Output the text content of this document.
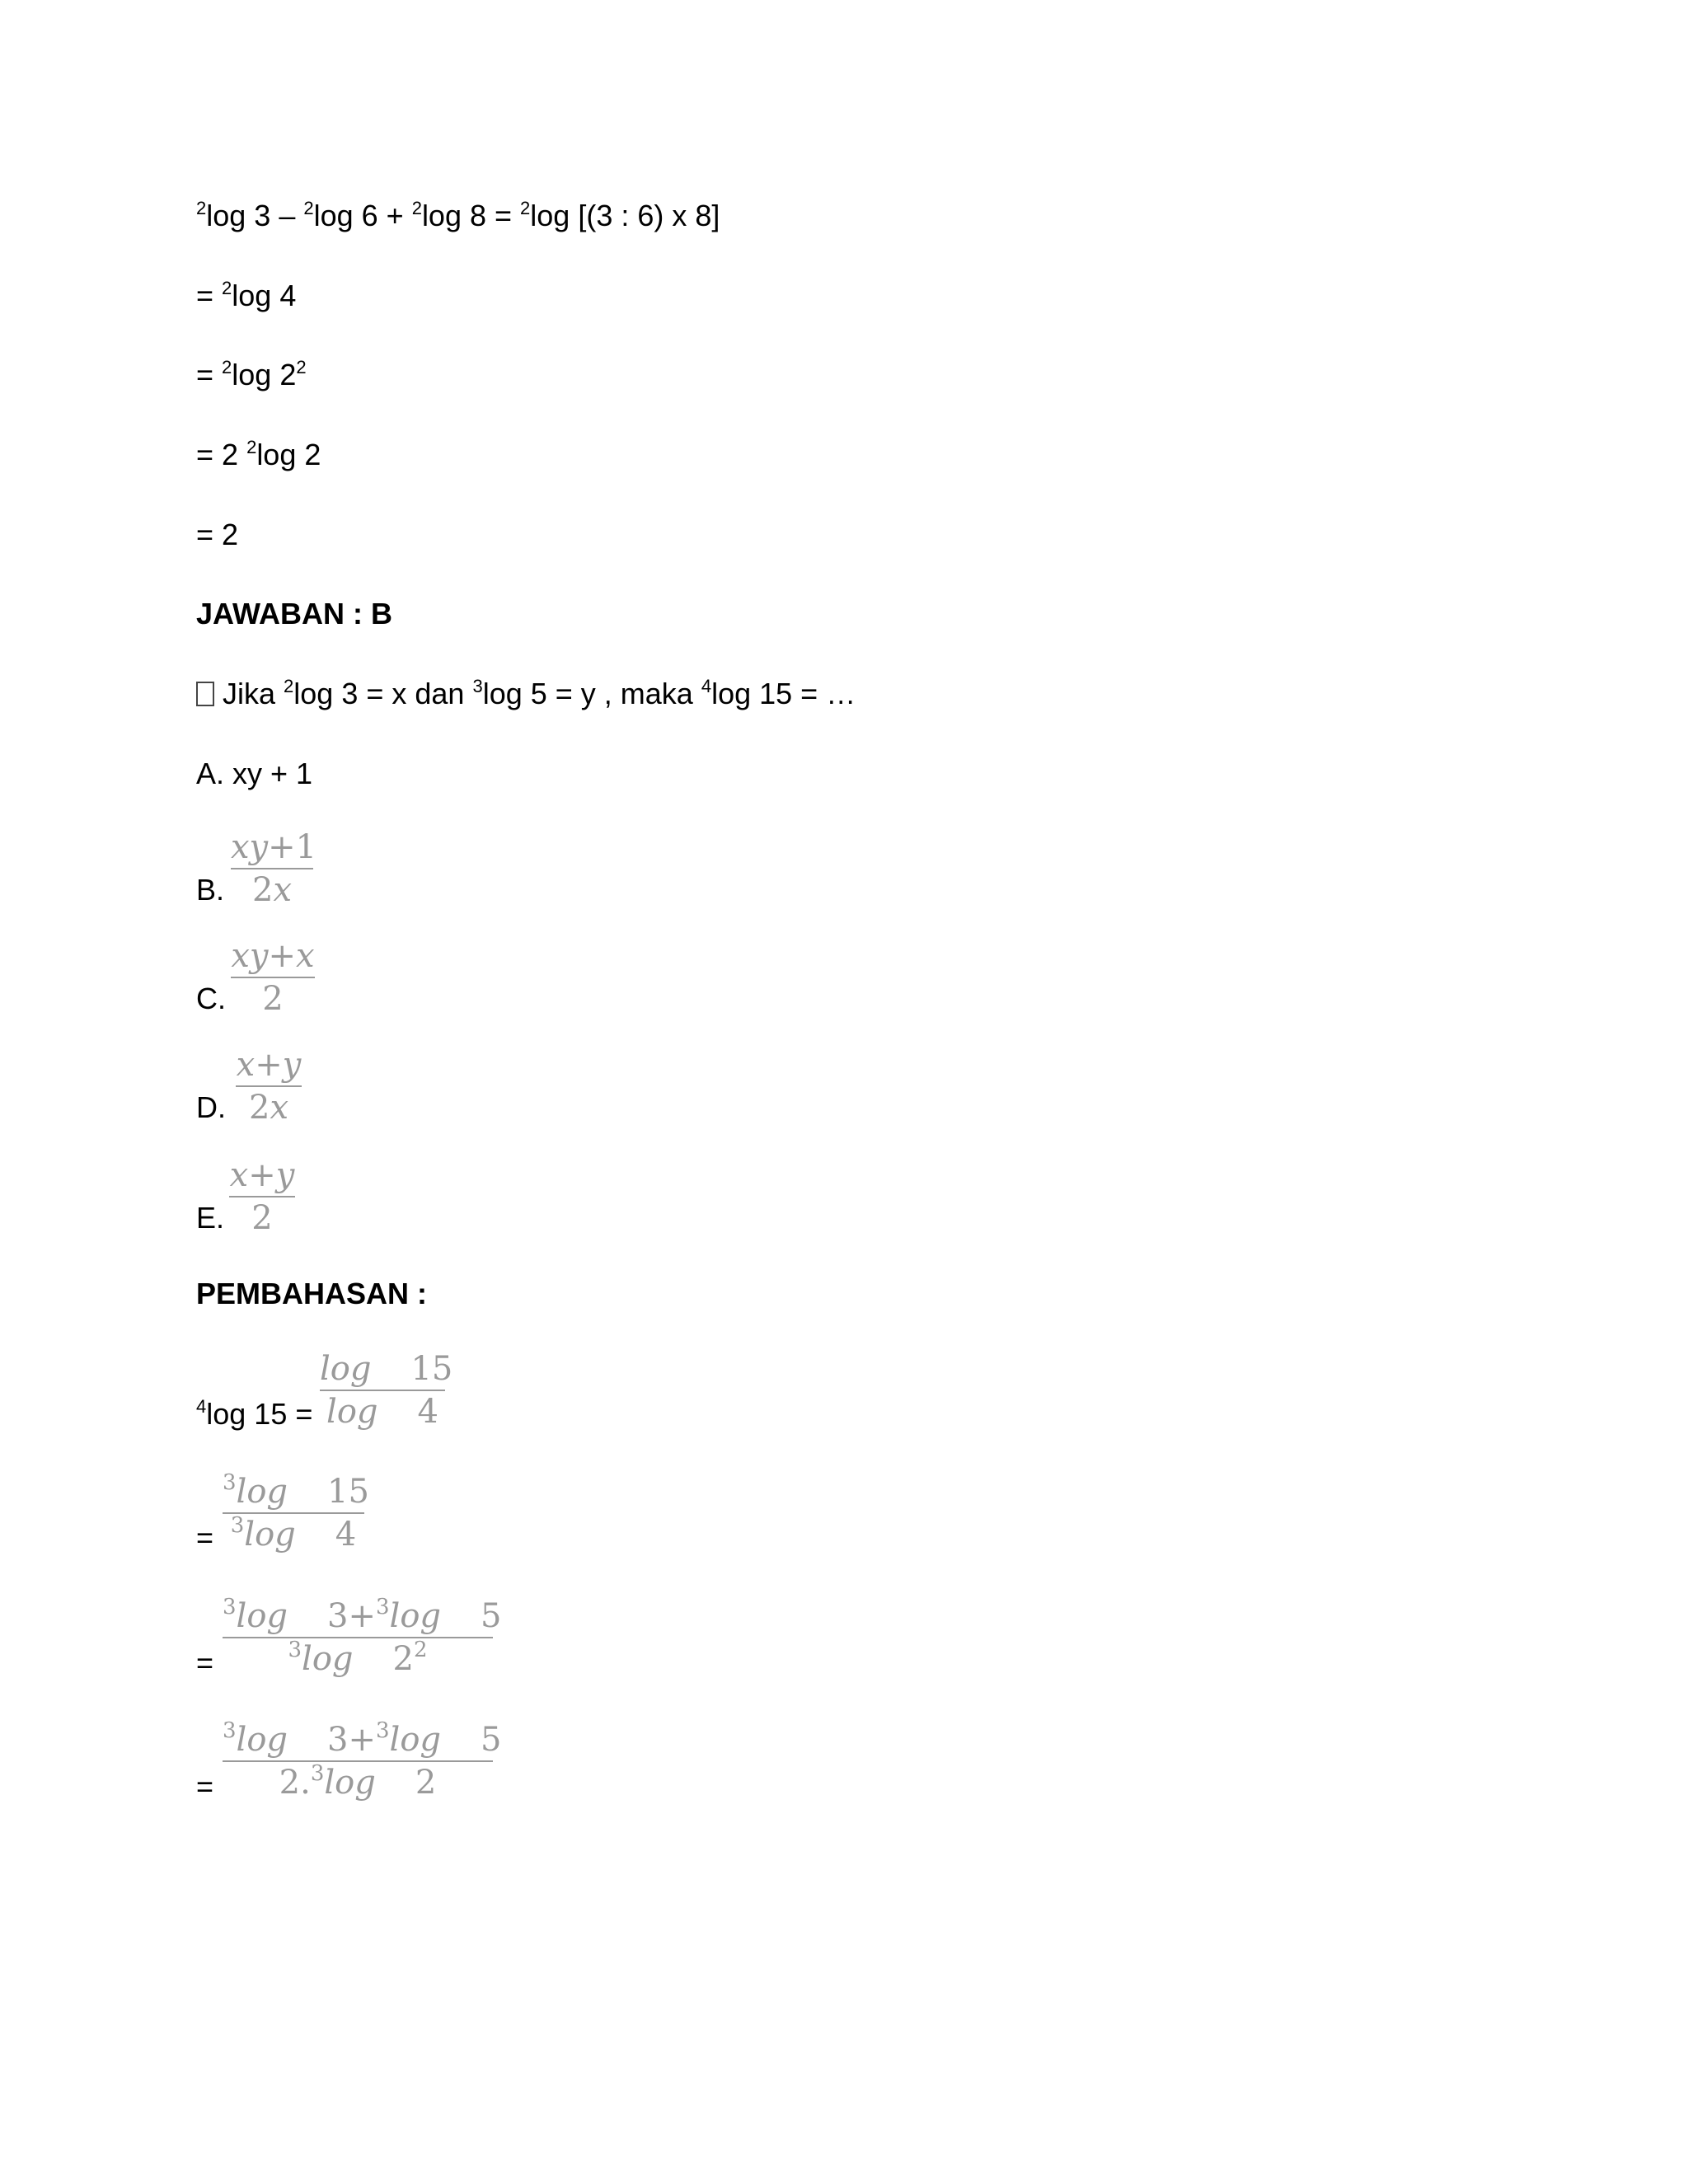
$^2$log 3 – $^2$log 6 + $^2$log 8 = $^2$log [(3 : 6) x 8]
= $^2$log 4
= $^2$log $2^2$
= 2 $^2$log 2
= 2
JAWABAN : B
Jika $^2$log 3 = x dan $^3$log 5 = y , maka $^4$log 15 = …
A. xy + 1
B.
xy+1
2x
C.
xy+x
2
D.
x+y
2x
E.
x+y
2
PEMBAHASAN :
$^4$log 15 =
log 15
log 4
=
$^3$log 15
$^3$log 4
=
$^3$log 3+$^3$log 5
$^3$log $2^2$
=
$^3$log 3+$^3$log 5
2.$^3$log 2
